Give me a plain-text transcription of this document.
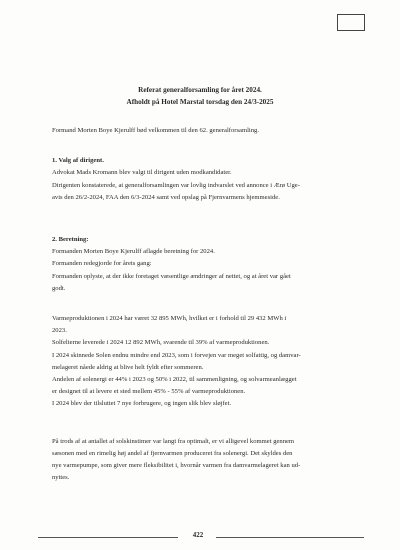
Referat generalforsamling for året 2024.
Afholdt på Hotel Marstal torsdag den 24/3-2025

Formand Morten Boye Kjerulff bød velkommen til den 62. generalforsamling.

1. Valg af dirigent.

Advokat Mads Kromann blev valgt til dirigent uden modkandidater.

Dirigenten konstaterede, at generalforsamlingen var lovlig indvarslet ved annonce i Ærø Uge-

avis den 26/2-2024, FAA den 6/3-2024 samt ved opslag på Fjernvarmens hjemmeside.

2. Beretning:

Formanden Morten Boye Kjerulff aflagde beretning for 2024.

Formanden redegjorde for årets gang:

Formanden oplyste, at der ikke foretaget væsentlige ændringer af nettet, og at året var gået

godt.

Varmeproduktionen i 2024 har været 32 895 MWh, hvilket er i forhold til 29 432 MWh i

2023.

Solfelterne leverede i 2024 12 892 MWh, svarende til 39% af varmeproduktionen.

I 2024 skinnede Solen endnu mindre end 2023, som i forvejen var meget solfattig, og damvar-

melageret nåede aldrig at blive helt fyldt efter sommeren.

Andelen af solenergi er 44% i 2023 og 50% i 2022, til sammenligning, og solvarmeanlægget

er designet til at levere et sted mellem 45% - 55% af varmeproduktionen.

I 2024 blev der tilsluttet 7 nye forbrugere, og ingen slik blev sløjfet.

På trods af at antallet af solskinstimer var langt fra optimalt, er vi alligevel kommet gennem

sæsonen med en rimelig høj andel af fjernvarmen produceret fra solenergi. Det skyldes den

nye varmepumpe, som giver mere fleksibilitet i, hvornår varmen fra damvarmelageret kan ud-

nyttes.

422
